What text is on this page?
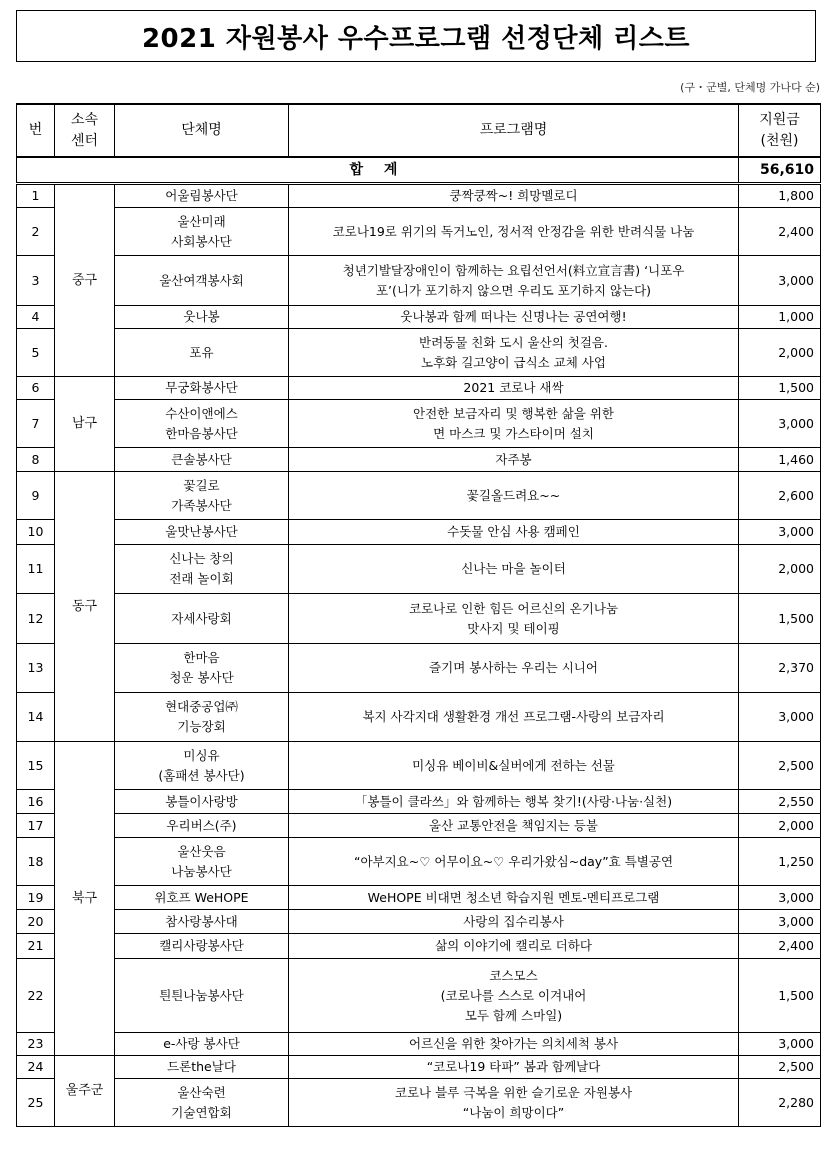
2021 자원봉사 우수프로그램 선정단체 리스트
(구・군별, 단체명 가나다 순)
번	소속
센터	단체명	프로그램명	지원금
(천원)

합 계				56,610
1	중구	어울림봉사단	쿵짝쿵짝~! 희망멜로디	1,800
2		울산미래
사회봉사단	코로나19로 위기의 독거노인, 정서적 안정감을 위한 반려식물 나눔	2,400
3		울산여객봉사회	청년기발달장애인이 함께하는 요립선언서(料立宣言書) ‘니포우
포’(니가 포기하지 않으면 우리도 포기하지 않는다)	3,000
4		웃나봉	웃나봉과 함께 떠나는 신명나는 공연여행!	1,000
5		포유	반려동물 친화 도시 울산의 첫걸음.
노후화 길고양이 급식소 교체 사업	2,000
6	남구	무궁화봉사단	2021 코로나 새싹	1,500
7		수산이앤에스
한마음봉사단	안전한 보금자리 및 행복한 삶을 위한
면 마스크 및 가스타이머 설치	3,000
8		큰솔봉사단	자주봉	1,460
9	동구	꽃길로
가족봉사단	꽃길올드려요~~	2,600
10		울맛난봉사단	수돗물 안심 사용 캠페인	3,000
11		신나는 창의
전래 놀이회	신나는 마을 놀이터	2,000
12		자세사랑회	코로나로 인한 힘든 어르신의 온기나눔
맛사지 및 테이핑	1,500
13		한마음
청운 봉사단	즐기며 봉사하는 우리는 시니어	2,370
14		현대중공업㈜
기능장회	복지 사각지대 생활환경 개선 프로그램-사랑의 보금자리	3,000
15	북구	미싱유
(홈패션 봉사단)	미싱유 베이비&실버에게 전하는 선물	2,500
16		봉틀이사랑방	「봉틀이 클라쓰」와 함께하는 행복 찾기!(사랑·나눔·실천)	2,550
17		우리버스(주)	울산 교통안전을 책임지는 등불	2,000
18		울산웃음
나눔봉사단	“아부지요~♡ 어무이요~♡ 우리가왔심~day”효 특별공연	1,250
19		위호프 WeHOPE	WeHOPE 비대면 청소년 학습지원 멘토-멘티프로그램	3,000
20		참사랑봉사대	사랑의 집수리봉사	3,000
21		캘리사랑봉사단	삶의 이야기에 캘리로 더하다	2,400
22		틘틘나눔봉사단	코스모스
(코로나를 스스로 이겨내어
모두 함께 스마일)	1,500
23		e-사랑 봉사단	어르신을 위한 찾아가는 의치세척 봉사	3,000
24	울주군	드론the날다	“코로나19 타파” 봄과 함께날다	2,500
25		울산숙련
기술연합회	코로나 블루 극복을 위한 슬기로운 자원봉사
“나눔이 희망이다”	2,280
